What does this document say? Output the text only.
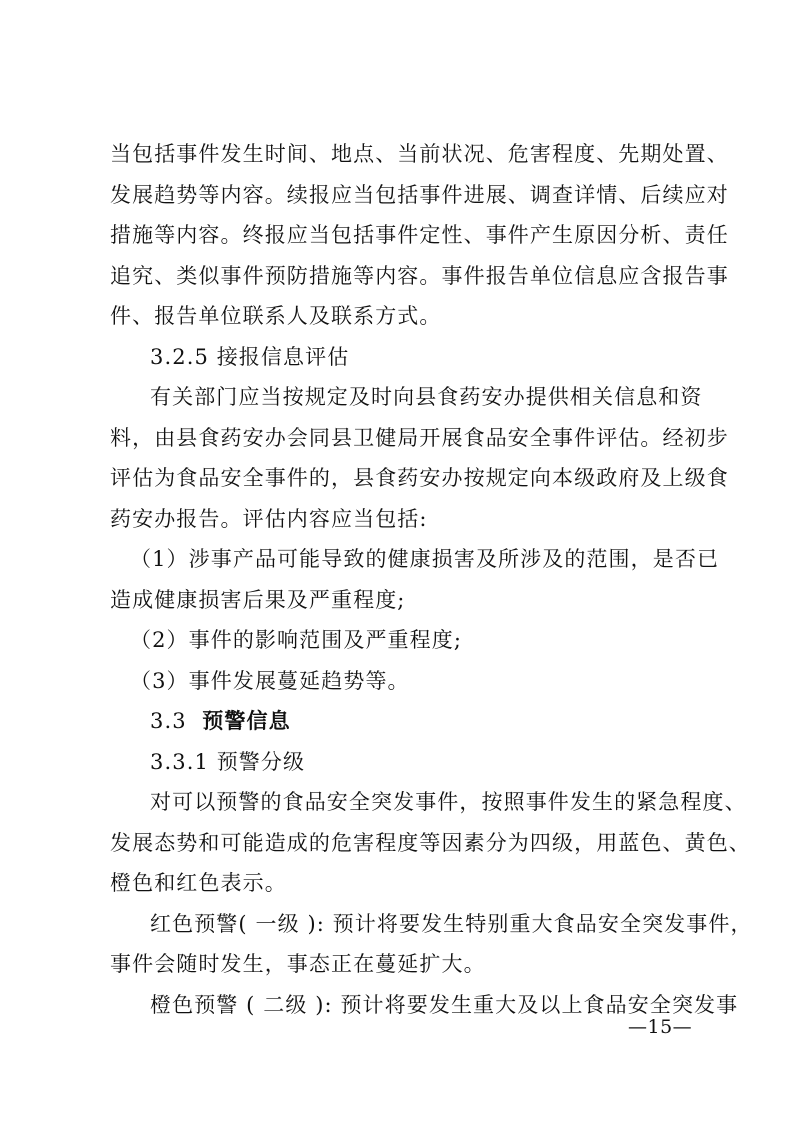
当包括事件发生时间、地点、当前状况、危害程度、先期处置、
发展趋势等内容。续报应当包括事件进展、调查详情、后续应对
措施等内容。终报应当包括事件定性、事件产生原因分析、责任
追究、类似事件预防措施等内容。事件报告单位信息应含报告事
件、报告单位联系人及联系方式。
3.2.5 接报信息评估
有关部门应当按规定及时向县食药安办提供相关信息和资
料，由县食药安办会同县卫健局开展食品安全事件评估。经初步
评估为食品安全事件的，县食药安办按规定向本级政府及上级食
药安办报告。评估内容应当包括:
（1）涉事产品可能导致的健康损害及所涉及的范围，是否已
造成健康损害后果及严重程度;
（2）事件的影响范围及严重程度;
（3）事件发展蔓延趋势等。
3.3 预警信息
3.3.1 预警分级
对可以预警的食品安全突发事件，按照事件发生的紧急程度、
发展态势和可能造成的危害程度等因素分为四级，用蓝色、黄色、
橙色和红色表示。
红色预警( 一级 ): 预计将要发生特别重大食品安全突发事件，
事件会随时发生，事态正在蔓延扩大。
橙色预警 ( 二级 ): 预计将要发生重大及以上食品安全突发事
—15—
